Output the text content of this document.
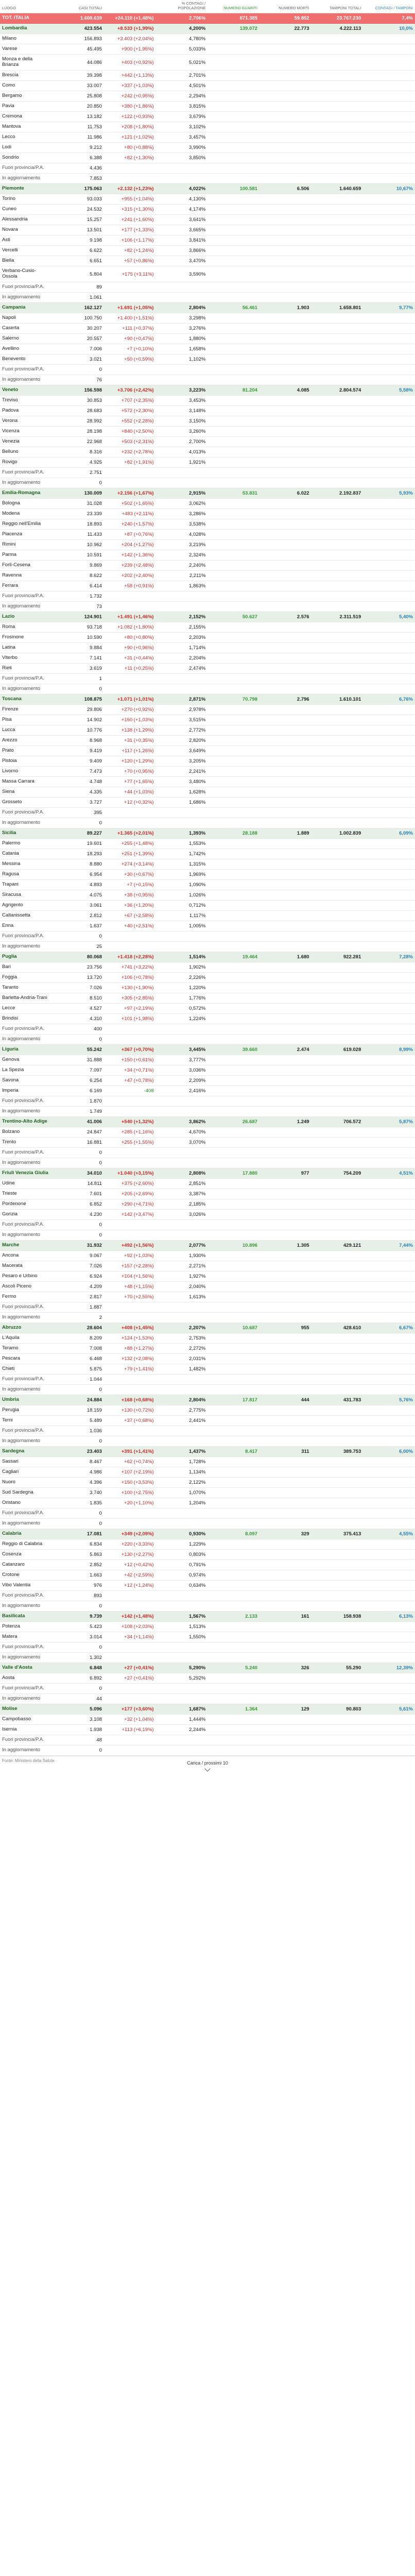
LUOGO	CASI TOTALI		% CONTAGI / POPOLAZIONE	NUMERO GUARITI	NUMERO MORTI	TAMPONI TOTALI	CONTAGI / TAMPONI
TOT. ITALIA	1.608.639	+24.110 (+1,48%)	2,706%	871.385	59.852	23.767.230	7,4%
Lombardia	423.554	+8.533 (+1,99%)	4,200%	139.072	22.773	4.222.113	10,0%
Milano	156.893	+3.403 (+2,04%)	4,780%				
Varese	45.495	+900 (+1,95%)	5,033%				
Monza e della Brianza	44.086	+403 (+0,92%)	5,021%				
Brescia	39.398	+442 (+1,13%)	2,701%				
Como	33.007	+337 (+1,03%)	4,501%				
Bergamo	25.808	+242 (+0,95%)	2,294%				
Pavia	20.850	+380 (+1,86%)	3,815%				
Cremona	13.182	+122 (+0,93%)	3,679%				
Mantova	11.753	+208 (+1,80%)	3,102%				
Lecco	11.986	+121 (+1,02%)	3,457%				
Lodi	9.212	+80 (+0,88%)	3,990%				
Sondrio	6.388	+82 (+1,30%)	3,850%				
Fuori provincia/P.A.	4.436						
In aggiornamento	7.853						
Piemonte	175.063	+2.132 (+1,23%)	4,022%	100.581	6.506	1.640.659	10,67%
Torino	93.033	+955 (+1,04%)	4,130%				
Cuneo	24.532	+315 (+1,30%)	4,174%				
Alessandria	15.257	+241 (+1,60%)	3,641%				
Novara	13.501	+177 (+1,33%)	3,665%				
Asti	9.198	+106 (+1,17%)	3,841%				
Vercelli	6.622	+82 (+1,24%)	3,866%				
Biella	6.651	+57 (+0,86%)	3,470%				
Verbano-Cusio-Ossola	5.804	+175 (+3,11%)	3,590%				
Fuori provincia/P.A.	89						
In aggiornamento	1.061						
Campania	162.127	+1.691 (+1,05%)	2,804%	56.461	1.903	1.658.801	9,77%
Napoli	100.750	+1.400 (+1,51%)	3,298%				
Caserta	30.207	+111 (+0,37%)	3,276%				
Salerno	20.557	+90 (+0,47%)	1,880%				
Avellino	7.006	+7 (+0,10%)	1,658%				
Benevento	3.021	+50 (+0,59%)	1,102%				
Fuori provincia/P.A.	0						
In aggiornamento	76						
Veneto	156.598	+3.706 (+2,42%)	3,223%	81.204	4.085	2.804.574	5,58%
Treviso	30.853	+707 (+2,35%)	3,453%				
Padova	28.683	+572 (+2,30%)	3,148%				
Verona	28.992	+552 (+2,28%)	3,150%				
Vicenza	28.198	+840 (+2,50%)	3,260%				
Venezia	22.968	+503 (+2,31%)	2,700%				
Belluno	8.316	+232 (+2,78%)	4,013%				
Rovigo	4.925	+82 (+1,91%)	1,921%				
Fuori provincia/P.A.	2.751						
In aggiornamento	0						
Emilia-Romagna	130.009	+2.156 (+1,67%)	2,915%	53.831	6.022	2.192.837	5,93%
Bologna	31.028	+502 (+1,65%)	3,062%				
Modena	23.339	+483 (+2,11%)	3,286%				
Reggio nell'Emilia	18.893	+240 (+1,57%)	3,538%				
Piacenza	11.433	+87 (+0,76%)	4,028%				
Rimini	10.962	+204 (+1,27%)	3,219%				
Parma	10.591	+142 (+1,36%)	2,324%				
Forlì-Cesena	9.869	+239 (+2,48%)	2,240%				
Ravenna	8.622	+202 (+2,40%)	2,211%				
Ferrara	6.414	+58 (+0,91%)	1,863%				
Fuori provincia/P.A.	1.732						
In aggiornamento	73						
Lazio	124.901	+1.491 (+1,46%)	2,152%	50.627	2.576	2.311.519	5,40%
Roma	93.718	+1.082 (+1,80%)	2,155%				
Frosinone	10.590	+80 (+0,80%)	2,203%				
Latina	9.884	+90 (+0,96%)	1,714%				
Viterbo	7.141	+31 (+0,44%)	2,204%				
Rieti	3.619	+11 (+0,25%)	2,474%				
Fuori provincia/P.A.	1						
In aggiornamento	0						
Toscana	108.875	+1.071 (+1,01%)	2,871%	70.798	2.796	1.610.101	6,76%
Firenze	29.806	+270 (+0,92%)	2,978%				
Pisa	14.902	+150 (+1,03%)	3,515%				
Lucca	10.776	+138 (+1,29%)	2,772%				
Arezzo	8.968	+31 (+0,35%)	2,820%				
Prato	9.419	+117 (+1,26%)	3,649%				
Pistoia	9.409	+120 (+1,29%)	3,205%				
Livorno	7.473	+70 (+0,95%)	2,241%				
Massa Carrara	4.748	+77 (+1,65%)	3,480%				
Siena	4.335	+44 (+1,03%)	1,628%				
Grosseto	3.727	+12 (+0,32%)	1,686%				
Fuori provincia/P.A.	395						
In aggiornamento	0						
Sicilia	89.227	+1.365 (+2,01%)	1,393%	28.188	1.889	1.002.839	6,09%
Palermo	19.601	+255 (+1,48%)	1,553%				
Catania	18.293	+251 (+1,39%)	1,742%				
Messina	8.880	+274 (+3,14%)	1,315%				
Ragusa	6.954	+30 (+0,67%)	1,969%				
Trapani	4.893	+7 (+0,15%)	1,090%				
Siracusa	4.075	+38 (+0,95%)	1,026%				
Agrigento	3.061	+36 (+1,20%)	0,712%				
Caltanissetta	2.812	+67 (+2,58%)	1,117%				
Enna	1.637	+40 (+2,51%)	1,005%				
Fuori provincia/P.A.	0						
In aggiornamento	25						
Puglia	80.068	+1.418 (+2,28%)	1,514%	19.464	1.680	922.281	7,28%
Bari	23.756	+741 (+3,22%)	1,902%				
Foggia	13.720	+106 (+0,78%)	2,226%				
Taranto	7.026	+130 (+1,90%)	1,220%				
Barletta-Andria-Trani	8.510	+305 (+2,85%)	1,776%				
Lecce	4.527	+97 (+2,19%)	0,572%				
Brindisi	4.310	+101 (+1,98%)	1,224%				
Fuori provincia/P.A.	400						
In aggiornamento	0						
Liguria	55.242	+367 (+0,70%)	3,445%	39.660	2.474	619.028	8,99%
Genova	31.888	+150 (+0,61%)	3,777%				
La Spezia	7.097	+34 (+0,71%)	3,036%				
Savona	6.254	+47 (+0,78%)	2,209%				
Imperia	6.169	-408	2,416%				
Fuori provincia/P.A.	1.870						
In aggiornamento	1.749						
Trentino-Alto Adige	41.006	+540 (+1,32%)	3,862%	26.687	1.249	706.572	5,87%
Bolzano	24.847	+285 (+1,16%)	4,670%				
Trento	16.881	+255 (+1,55%)	3,070%				
Fuori provincia/P.A.	0						
In aggiornamento	0						
Friuli Venezia Giulia	34.010	+1.040 (+3,15%)	2,808%	17.880	977	754.209	4,51%
Udine	14.811	+375 (+2,60%)	2,851%				
Trieste	7.601	+205 (+2,69%)	3,387%				
Pordenone	6.852	+290 (+4,71%)	2,185%				
Gorizia	4.230	+142 (+3,47%)	3,026%				
Fuori provincia/P.A.	0						
In aggiornamento	0						
Marche	31.932	+492 (+1,56%)	2,077%	10.896	1.305	429.121	7,44%
Ancona	9.067	+92 (+1,03%)	1,930%				
Macerata	7.026	+157 (+2,28%)	2,271%				
Pesaro e Urbino	6.924	+104 (+1,56%)	1,927%				
Ascoli Piceno	4.209	+48 (+1,15%)	2,040%				
Fermo	2.817	+70 (+2,55%)	1,613%				
Fuori provincia/P.A.	1.887						
In aggiornamento	2						
Abruzzo	28.604	+408 (+1,45%)	2,207%	10.687	955	428.610	6,67%
L'Aquila	8.209	+124 (+1,53%)	2,753%				
Teramo	7.008	+88 (+1,27%)	2,272%				
Pescara	6.468	+132 (+2,08%)	2,031%				
Chieti	5.875	+79 (+1,41%)	1,482%				
Fuori provincia/P.A.	1.044						
In aggiornamento	0						
Umbria	24.884	+168 (+0,68%)	2,804%	17.817	444	431.783	5,76%
Perugia	18.159	+130 (+0,72%)	2,775%				
Terni	5.489	+37 (+0,68%)	2,441%				
Fuori provincia/P.A.	1.036						
In aggiornamento	0						
Sardegna	23.403	+391 (+1,41%)	1,437%	8.417	311	389.753	6,00%
Sassari	8.467	+62 (+0,74%)	1,728%				
Cagliari	4.986	+107 (+2,19%)	1,134%				
Nuoro	4.396	+150 (+3,53%)	2,122%				
Sud Sardegna	3.740	+100 (+2,75%)	1,070%				
Oristano	1.835	+20 (+1,10%)	1,204%				
Fuori provincia/P.A.	0						
In aggiornamento	0						
Calabria	17.081	+349 (+2,09%)	0,930%	8.097	329	375.413	4,55%
Reggio di Calabria	6.834	+220 (+3,33%)	1,229%				
Cosenza	5.863	+130 (+2,27%)	0,803%				
Catanzaro	2.852	+12 (+0,42%)	0,791%				
Crotone	1.663	+42 (+2,59%)	0,974%				
Vibo Valentia	976	+12 (+1,24%)	0,634%				
Fuori provincia/P.A.	893						
In aggiornamento	0						
Basilicata	9.739	+142 (+1,48%)	1,567%	2.133	161	158.938	6,13%
Potenza	5.423	+108 (+2,03%)	1,513%				
Matera	3.014	+34 (+1,14%)	1,550%				
Fuori provincia/P.A.	0						
In aggiornamento	1.302						
Valle d'Aosta	6.848	+27 (+0,41%)	5,290%	5.240	326	55.290	12,39%
Aosta	6.892	+27 (+0,41%)	5,292%				
Fuori provincia/P.A.	0						
In aggiornamento	44						
Molise	5.096	+177 (+3,60%)	1,687%	1.364	129	90.803	5,61%
Campobasso	3.108	+32 (+1,04%)	1,444%				
Isernia	1.938	+113 (+6,19%)	2,244%				
Fuori provincia/P.A.	48						
In aggiornamento	0						
Fonte: Ministero della Salute	Carica / prossimi 10
